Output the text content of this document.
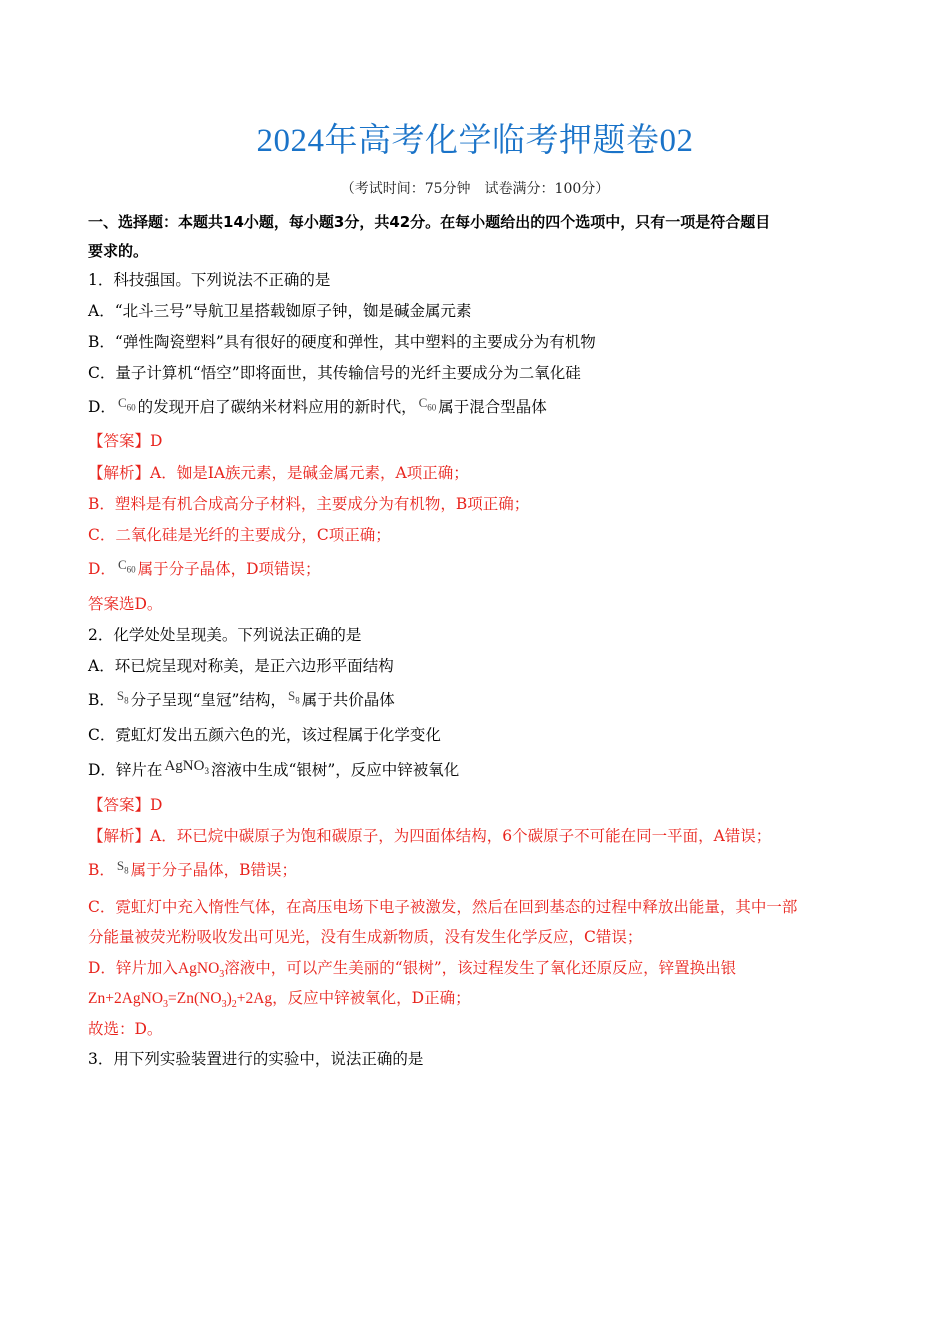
2024年高考化学临考押题卷02
（考试时间：75分钟　试卷满分：100分）
一、选择题：本题共14小题，每小题3分，共42分。在每小题给出的四个选项中，只有一项是符合题目
要求的。
1．科技强国。下列说法不正确的是
A．“北斗三号”导航卫星搭载铷原子钟，铷是碱金属元素
B．“弹性陶瓷塑料”具有很好的硬度和弹性，其中塑料的主要成分为有机物
C．量子计算机“悟空”即将面世，其传输信号的光纤主要成分为二氧化硅
D． $C_{60}$ 的发现开启了碳纳米材料应用的新时代， $C_{60}$ 属于混合型晶体
【答案】D
【解析】A．铷是ⅠA族元素，是碱金属元素，A项正确；
B．塑料是有机合成高分子材料，主要成分为有机物，B项正确；
C．二氧化硅是光纤的主要成分，C项正确；
D． $C_{60}$ 属于分子晶体，D项错误；
答案选D。
2．化学处处呈现美。下列说法正确的是
A．环已烷呈现对称美，是正六边形平面结构
B． $S_8$ 分子呈现“皇冠”结构， $S_8$ 属于共价晶体
C．霓虹灯发出五颜六色的光，该过程属于化学变化
D．锌片在 AgNO$_3$ 溶液中生成“银树”，反应中锌被氧化
【答案】D
【解析】A．环已烷中碳原子为饱和碳原子，为四面体结构，6个碳原子不可能在同一平面，A错误；
B． $S_8$ 属于分子晶体，B错误；
C．霓虹灯中充入惰性气体，在高压电场下电子被激发，然后在回到基态的过程中释放出能量，其中一部
分能量被荧光粉吸收发出可见光，没有生成新物质，没有发生化学反应，C错误；
D．锌片加入AgNO$_3$溶液中，可以产生美丽的“银树”，该过程发生了氧化还原反应，锌置换出银
$Zn+2AgNO_3=Zn(NO_3)_2+2Ag$，反应中锌被氧化，D正确；
故选：D。
3．用下列实验装置进行的实验中，说法正确的是
